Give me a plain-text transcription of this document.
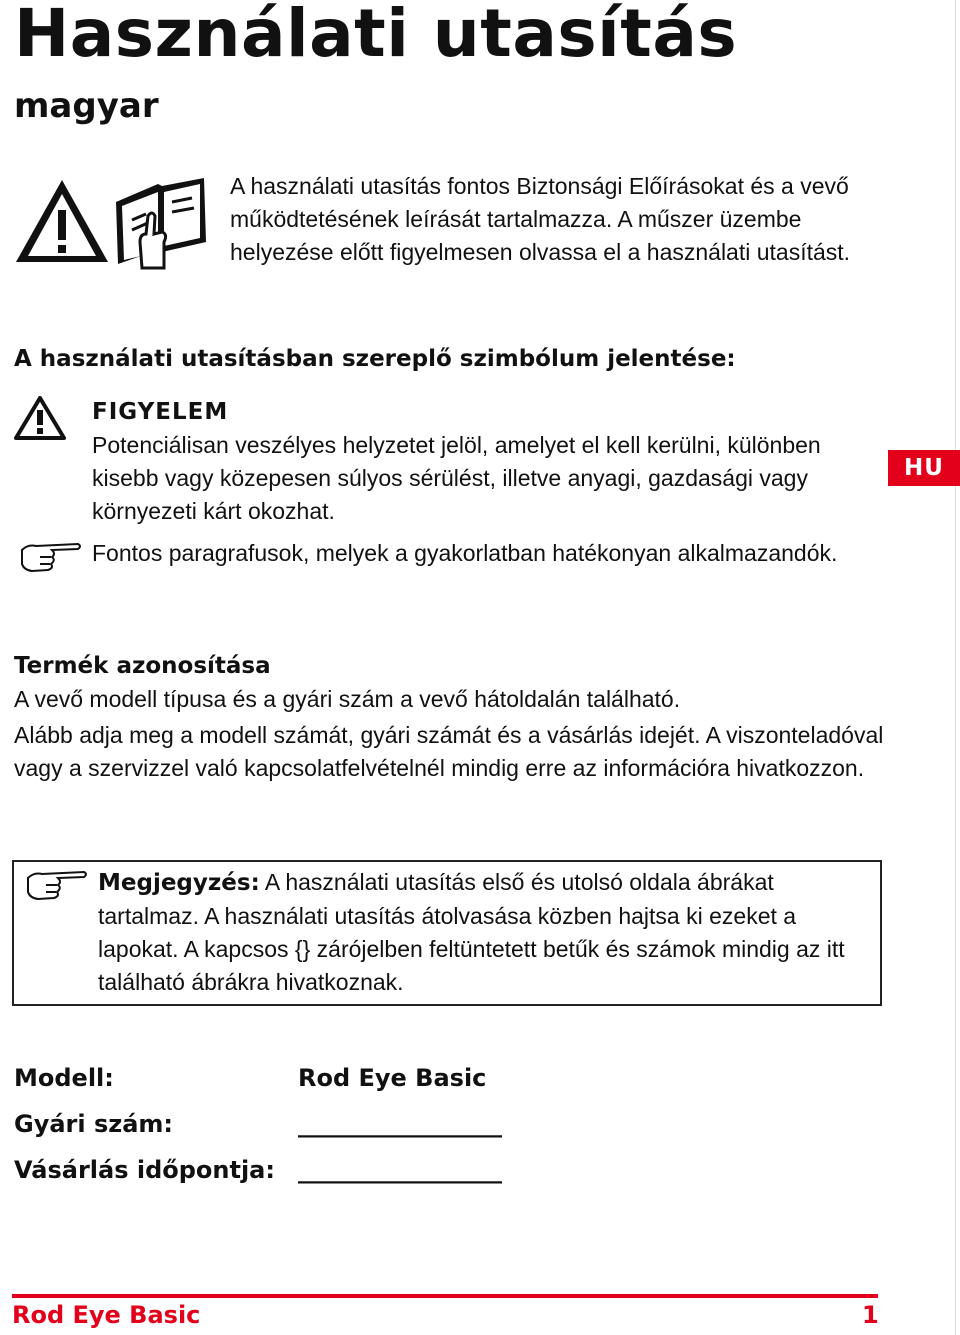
Használati utasítás
magyar
A használati utasítás fontos Biztonsági Előírásokat és a vevő működtetésének leírását tartalmazza. A műszer üzembe helyezése előtt figyelmesen olvassa el a használati utasítást.
A használati utasításban szereplő szimbólum jelentése:
FIGYELEM
Potenciálisan veszélyes helyzetet jelöl, amelyet el kell kerülni, különben kisebb vagy közepesen súlyos sérülést, illetve anyagi, gazdasági vagy környezeti kárt okozhat.
Fontos paragrafusok, melyek a gyakorlatban hatékonyan alkalmazandók.
HU
Termék azonosítása
A vevő modell típusa és a gyári szám a vevő hátoldalán található.
Alább adja meg a modell számát, gyári számát és a vásárlás idejét. A viszonteladóval vagy a szervizzel való kapcsolatfelvételnél mindig erre az információra hivatkozzon.
Megjegyzés: A használati utasítás első és utolsó oldala ábrákat tartalmaz. A használati utasítás átolvasása közben hajtsa ki ezeket a lapokat. A kapcsos {} zárójelben feltüntetett betűk és számok mindig az itt található ábrákra hivatkoznak.
Modell:	Rod Eye Basic
Gyári szám:	_________________
Vásárlás időpontja: _________________
Rod Eye Basic	1
